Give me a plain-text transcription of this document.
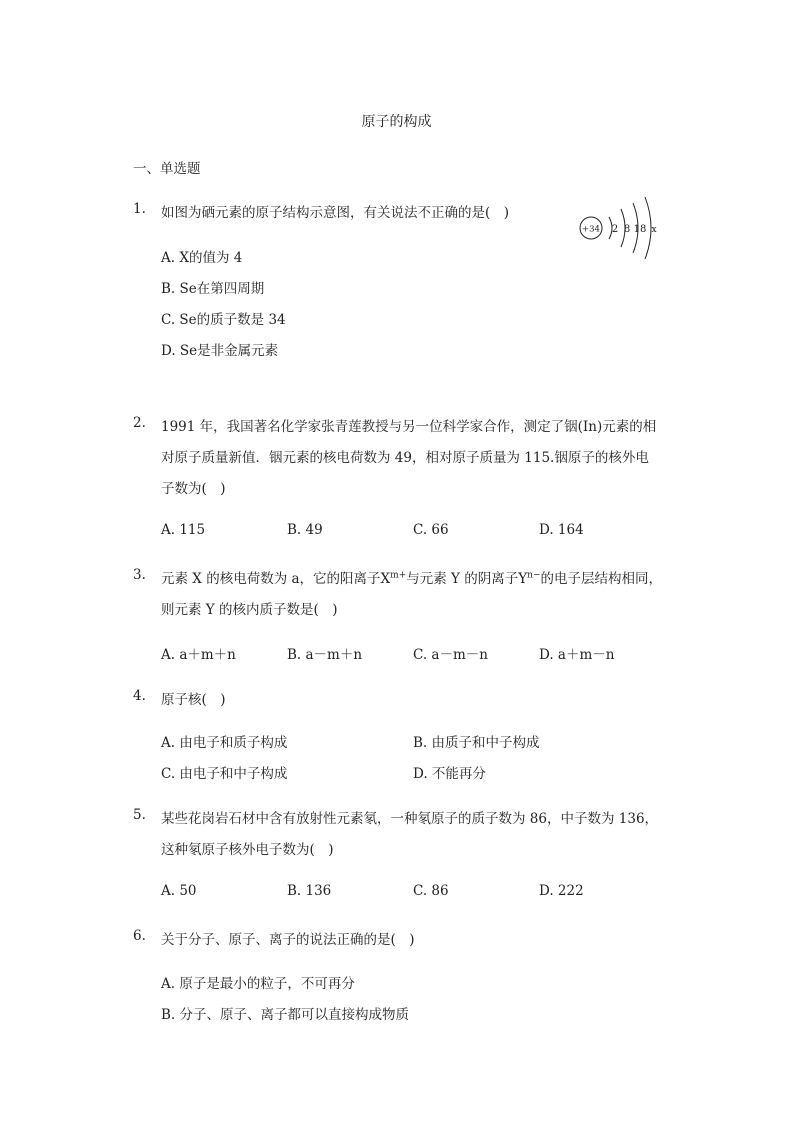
原子的构成
一、单选题
1. 如图为硒元素的原子结构示意图，有关说法不正确的是(　)
+34 2 8 18 x
A. X的值为 4
B. Se在第四周期
C. Se的质子数是 34
D. Se是非金属元素
2. 1991 年，我国著名化学家张青莲教授与另一位科学家合作，测定了铟(In)元素的相
对原子质量新值．铟元素的核电荷数为 49，相对原子质量为 115.铟原子的核外电
子数为(　)
A. 115	B. 49	C. 66	D. 164
3. 元素 X 的核电荷数为 a，它的阳离子$X^{m+}$与元素 Y 的阴离子$Y^{n-}$的电子层结构相同，
则元素 Y 的核内质子数是(　)
A. a＋m＋n	B. a－m＋n	C. a－m－n	D. a＋m－n
4. 原子核(　)
A. 由电子和质子构成	B. 由质子和中子构成
C. 由电子和中子构成	D. 不能再分
5. 某些花岗岩石材中含有放射性元素氡，一种氡原子的质子数为 86，中子数为 136，
这种氡原子核外电子数为(　)
A. 50	B. 136	C. 86	D. 222
6. 关于分子、原子、离子的说法正确的是(　)
A. 原子是最小的粒子，不可再分
B. 分子、原子、离子都可以直接构成物质
